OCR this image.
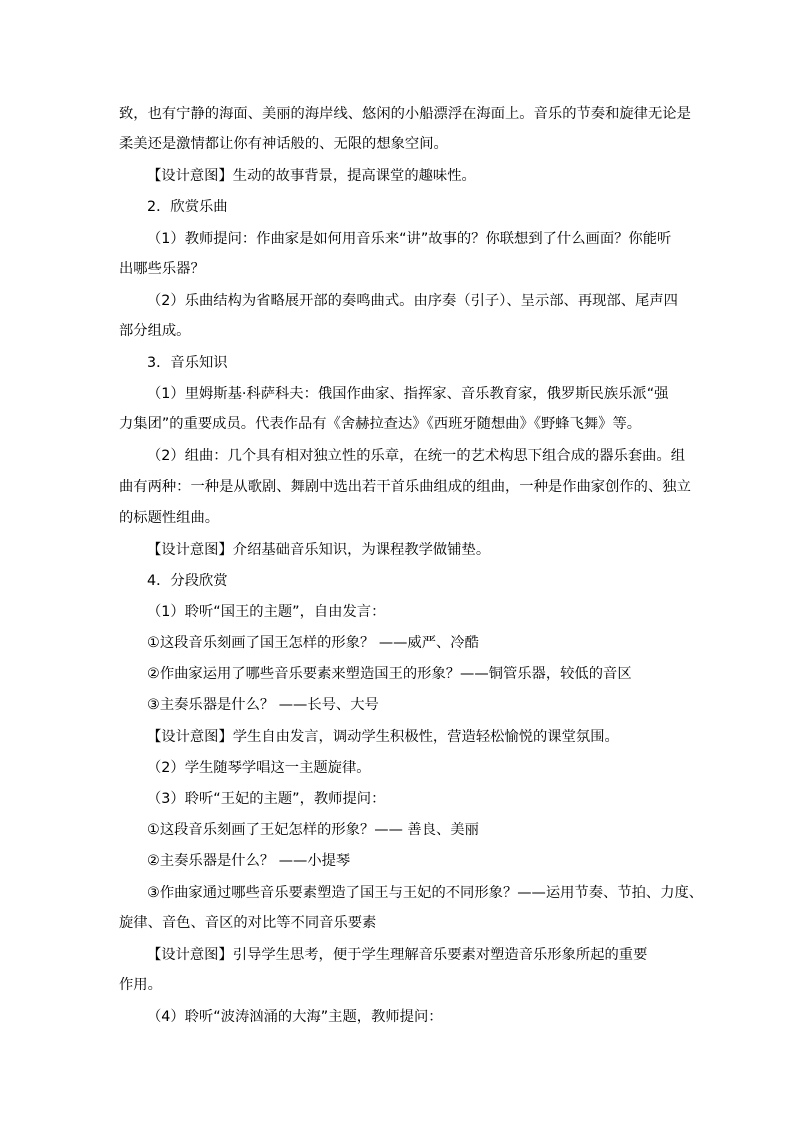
致，也有宁静的海面、美丽的海岸线、悠闲的小船漂浮在海面上。音乐的节奏和旋律无论是
柔美还是激情都让你有神话般的、无限的想象空间。
【设计意图】生动的故事背景，提高课堂的趣味性。
2．欣赏乐曲
（1）教师提问：作曲家是如何用音乐来“讲”故事的？你联想到了什么画面？你能听
出哪些乐器？
（2）乐曲结构为省略展开部的奏鸣曲式。由序奏（引子）、呈示部、再现部、尾声四
部分组成。
3．音乐知识
（1）里姆斯基·科萨科夫：俄国作曲家、指挥家、音乐教育家，俄罗斯民族乐派“强
力集团”的重要成员。代表作品有《舍赫拉查达》《西班牙随想曲》《野蜂飞舞》等。
（2）组曲：几个具有相对独立性的乐章，在统一的艺术构思下组合成的器乐套曲。组
曲有两种：一种是从歌剧、舞剧中选出若干首乐曲组成的组曲，一种是作曲家创作的、独立
的标题性组曲。
【设计意图】介绍基础音乐知识，为课程教学做铺垫。
4．分段欣赏
（1）聆听“国王的主题”，自由发言：
①这段音乐刻画了国王怎样的形象？ ——威严、冷酷
②作曲家运用了哪些音乐要素来塑造国王的形象？——铜管乐器，较低的音区
③主奏乐器是什么？ ——长号、大号
【设计意图】学生自由发言，调动学生积极性，营造轻松愉悦的课堂氛围。
（2）学生随琴学唱这一主题旋律。
（3）聆听“王妃的主题”，教师提问：
①这段音乐刻画了王妃怎样的形象？—— 善良、美丽
②主奏乐器是什么？ ——小提琴
③作曲家通过哪些音乐要素塑造了国王与王妃的不同形象？——运用节奏、节拍、力度、
旋律、音色、音区的对比等不同音乐要素
【设计意图】引导学生思考，便于学生理解音乐要素对塑造音乐形象所起的重要
作用。
（4）聆听“波涛汹涌的大海”主题，教师提问：
